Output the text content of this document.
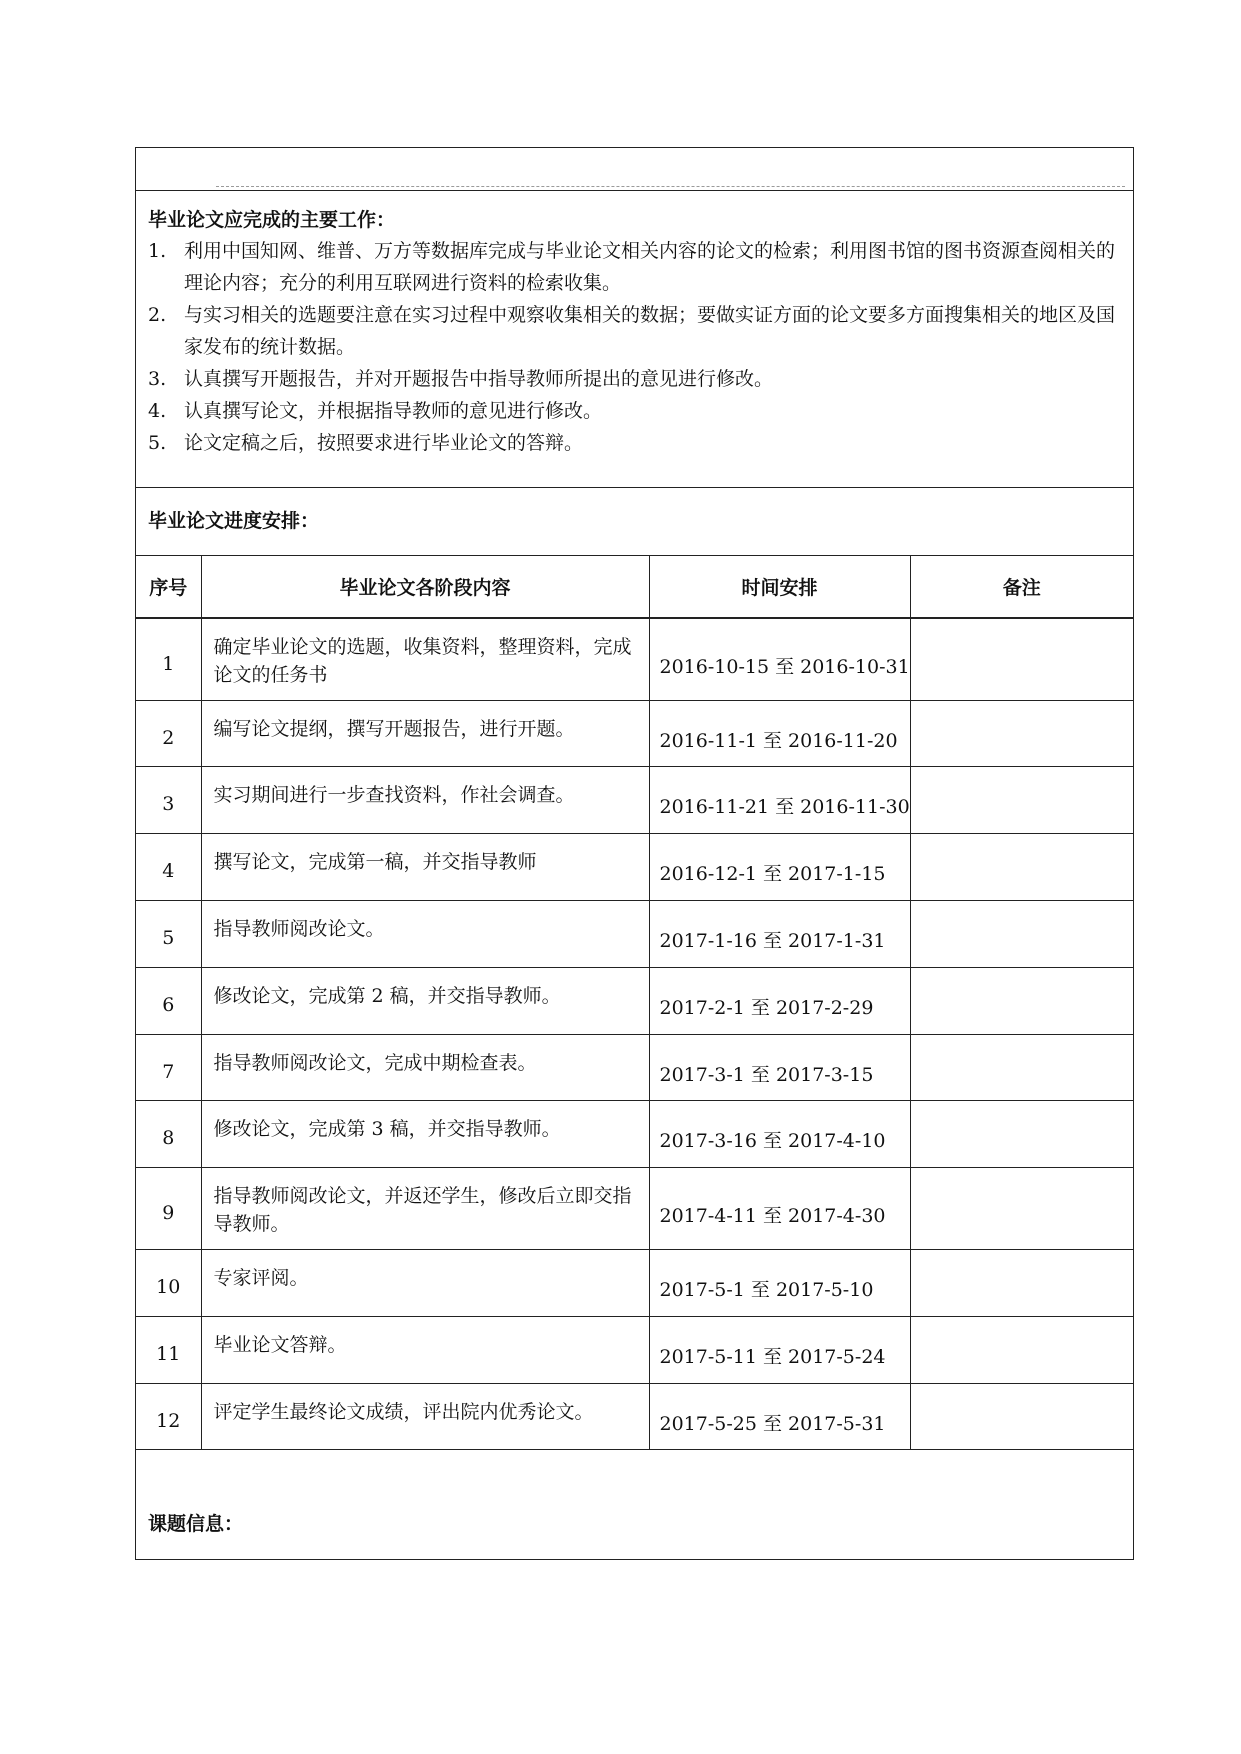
毕业论文应完成的主要工作：

1. 利用中国知网、维普、万方等数据库完成与毕业论文相关内容的论文的检索；利用图书馆的图书资源查阅相关的理论内容；充分的利用互联网进行资料的检索收集。
2. 与实习相关的选题要注意在实习过程中观察收集相关的数据；要做实证方面的论文要多方面搜集相关的地区及国家发布的统计数据。
3. 认真撰写开题报告，并对开题报告中指导教师所提出的意见进行修改。
4. 认真撰写论文，并根据指导教师的意见进行修改。
5. 论文定稿之后，按照要求进行毕业论文的答辩。

毕业论文进度安排：

序号	毕业论文各阶段内容	时间安排	备注
1	确定毕业论文的选题，收集资料，整理资料，完成论文的任务书	2016-10-15 至 2016-10-31	
2	编写论文提纲，撰写开题报告，进行开题。	2016-11-1 至 2016-11-20	
3	实习期间进行一步查找资料，作社会调查。	2016-11-21 至 2016-11-30	
4	撰写论文，完成第一稿，并交指导教师	2016-12-1 至 2017-1-15	
5	指导教师阅改论文。	2017-1-16 至 2017-1-31	
6	修改论文，完成第 2 稿，并交指导教师。	2017-2-1 至 2017-2-29	
7	指导教师阅改论文，完成中期检查表。	2017-3-1 至 2017-3-15	
8	修改论文，完成第 3 稿，并交指导教师。	2017-3-16 至 2017-4-10	
9	指导教师阅改论文，并返还学生，修改后立即交指导教师。	2017-4-11 至 2017-4-30	
10	专家评阅。	2017-5-1 至 2017-5-10	
11	毕业论文答辩。	2017-5-11 至 2017-5-24	
12	评定学生最终论文成绩，评出院内优秀论文。	2017-5-25 至 2017-5-31	

课题信息：
